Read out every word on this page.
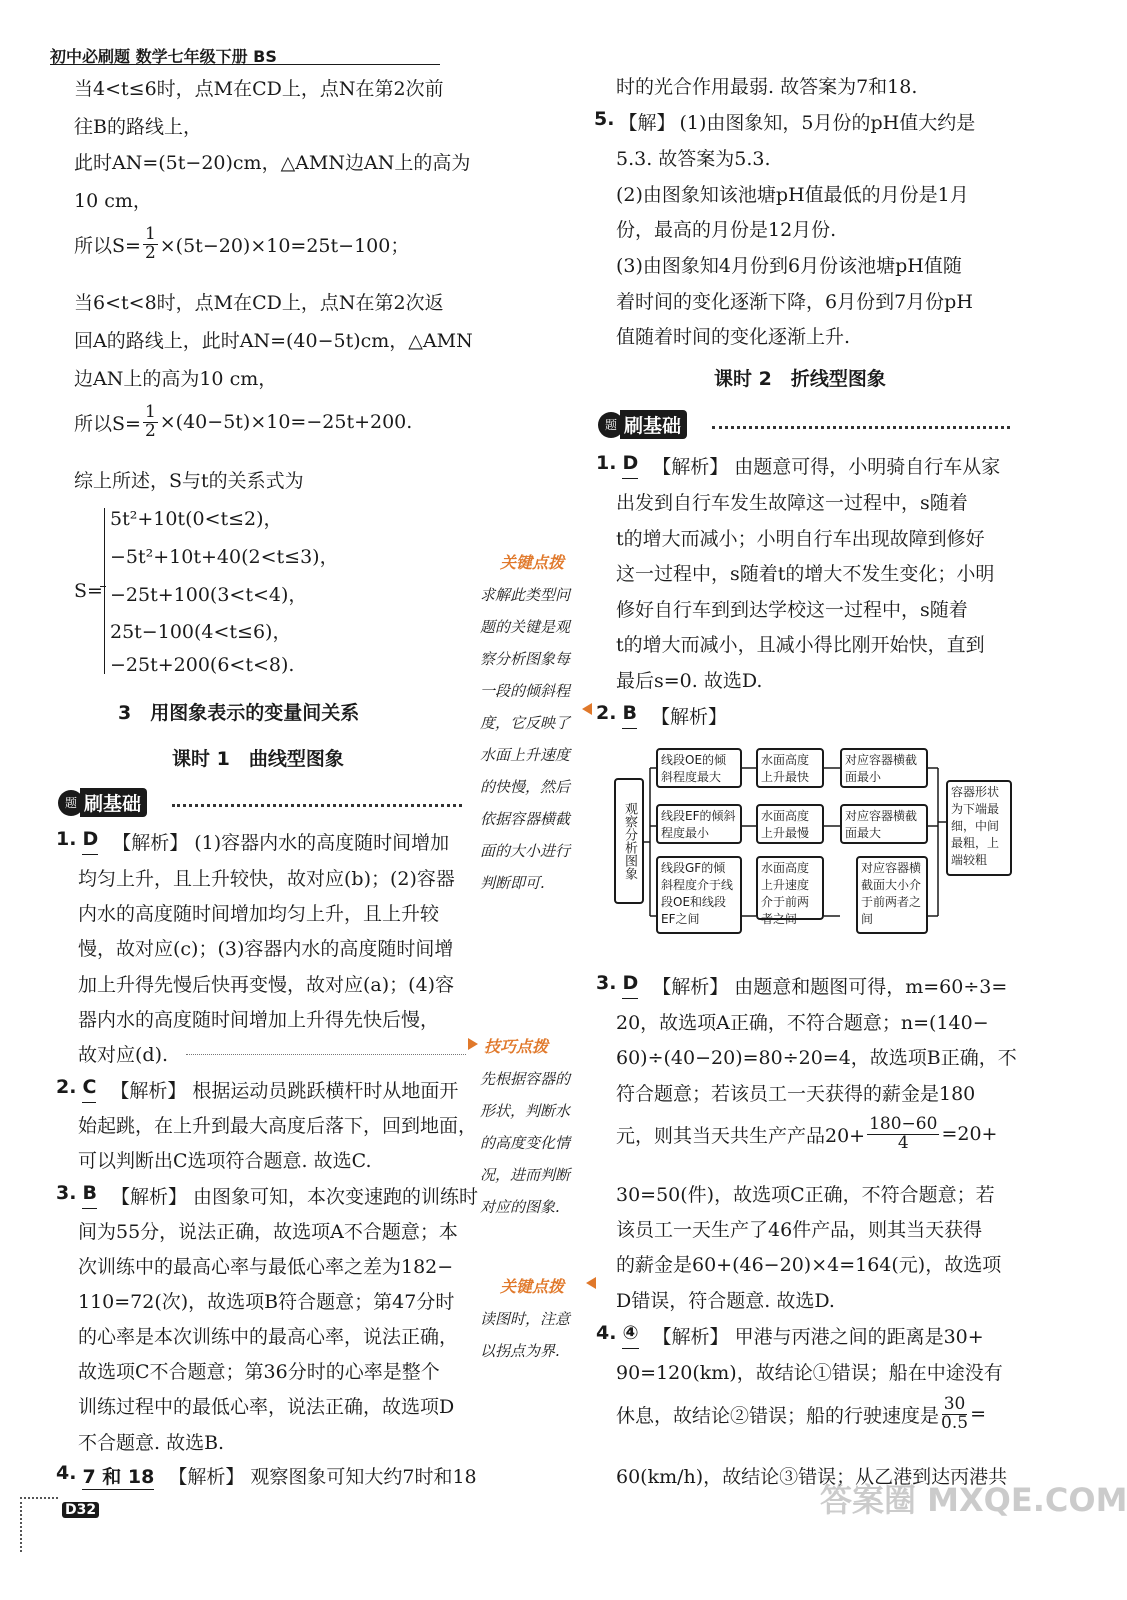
初中必刷题 数学七年级下册 BS
当4<t≤6时，点M在CD上，点N在第2次前
往B的路线上，
此时AN=(5t−20)cm，△AMN边AN上的高为
10 cm，
所以$S= \frac{1}{2} \times(5t-20)\times 10=25t-100$；
当6<t<8时，点M在CD上，点N在第2次返
回A的路线上，此时AN=(40−5t)cm，△AMN
边AN上的高为10 cm，
所以$S= \frac{1}{2} \times(40-5t)\times 10=-25t+200$.
综上所述，S与t的关系式为
S=
5t²+10t(0<t≤2)，
−5t²+10t+40(2<t≤3)，
−25t+100(3<t<4)，
25t−100(4<t≤6)，
−25t+200(6<t<8).
3　用图象表示的变量间关系
课时 1　曲线型图象
题 刷基础
1. D 【解析】 (1)容器内水的高度随时间增加
均匀上升，且上升较快，故对应(b)；(2)容器
内水的高度随时间增加均匀上升，且上升较
慢，故对应(c)；(3)容器内水的高度随时间增
加上升得先慢后快再变慢，故对应(a)；(4)容
器内水的高度随时间增加上升得先快后慢，
故对应(d).
2. C 【解析】 根据运动员跳跃横杆时从地面开
始起跳，在上升到最大高度后落下，回到地面，
可以判断出C选项符合题意. 故选C.
3. B 【解析】 由图象可知，本次变速跑的训练时
间为55分，说法正确，故选项A不合题意；本
次训练中的最高心率与最低心率之差为182−
110=72(次)，故选项B符合题意；第47分时
的心率是本次训练中的最高心率，说法正确，
故选项C不合题意；第36分时的心率是整个
训练过程中的最低心率，说法正确，故选项D
不合题意. 故选B.
4. 7 和 18 【解析】 观察图象可知大约7时和18
D32
关键点拨
求解此类型问
题的关键是观
察分析图象每
一段的倾斜程
度，它反映了
水面上升速度
的快慢，然后
依据容器横截
面的大小进行
判断即可.
技巧点拨
先根据容器的
形状，判断水
的高度变化情
况，进而判断
对应的图象.
关键点拨
读图时，注意
以拐点为界.
时的光合作用最弱. 故答案为7和18.
5. 【解】 (1)由图象知，5月份的pH值大约是
5.3. 故答案为5.3.
(2)由图象知该池塘pH值最低的月份是1月
份，最高的月份是12月份.
(3)由图象知4月份到6月份该池塘pH值随
着时间的变化逐渐下降，6月份到7月份pH
值随着时间的变化逐渐上升.
课时 2　折线型图象
题 刷基础
1. D 【解析】 由题意可得，小明骑自行车从家
出发到自行车发生故障这一过程中，s随着
t的增大而减小；小明自行车出现故障到修好
这一过程中，s随着t的增大不发生变化；小明
修好自行车到到达学校这一过程中，s随着
t的增大而减小，且减小得比刚开始快，直到
最后s=0. 故选D.
2. B 【解析】
观察分析图象
线段OE的倾斜程度最大
水面高度上升最快
对应容器横截面最小
线段EF的倾斜程度最小
水面高度上升最慢
对应容器横截面最大
线段GF的倾斜程度介于线段OE和线段EF之间
水面高度上升速度介于前两者之间
对应容器横截面大小介于前两者之间
容器形状为下端最细，中间最粗，上端较粗
3. D 【解析】 由题意和题图可得，m=60÷3=
20，故选项A正确，不符合题意；n=(140−
60)÷(40−20)=80÷20=4，故选项B正确，不
符合题意；若该员工一天获得的薪金是180
元，则其当天共生产产品$20+ \frac{180-60}{4} =20+$
30=50(件)，故选项C正确，不符合题意；若
该员工一天生产了46件产品，则其当天获得
的薪金是60+(46−20)×4=164(元)，故选项
D错误，符合题意. 故选D.
4. ④ 【解析】 甲港与丙港之间的距离是30+
90=120(km)，故结论①错误；船在中途没有
休息，故结论②错误；船的行驶速度是 $\frac{30}{0.5}$ =
60(km/h)，故结论③错误；从乙港到达丙港共
答案圈 MXQE.COM
